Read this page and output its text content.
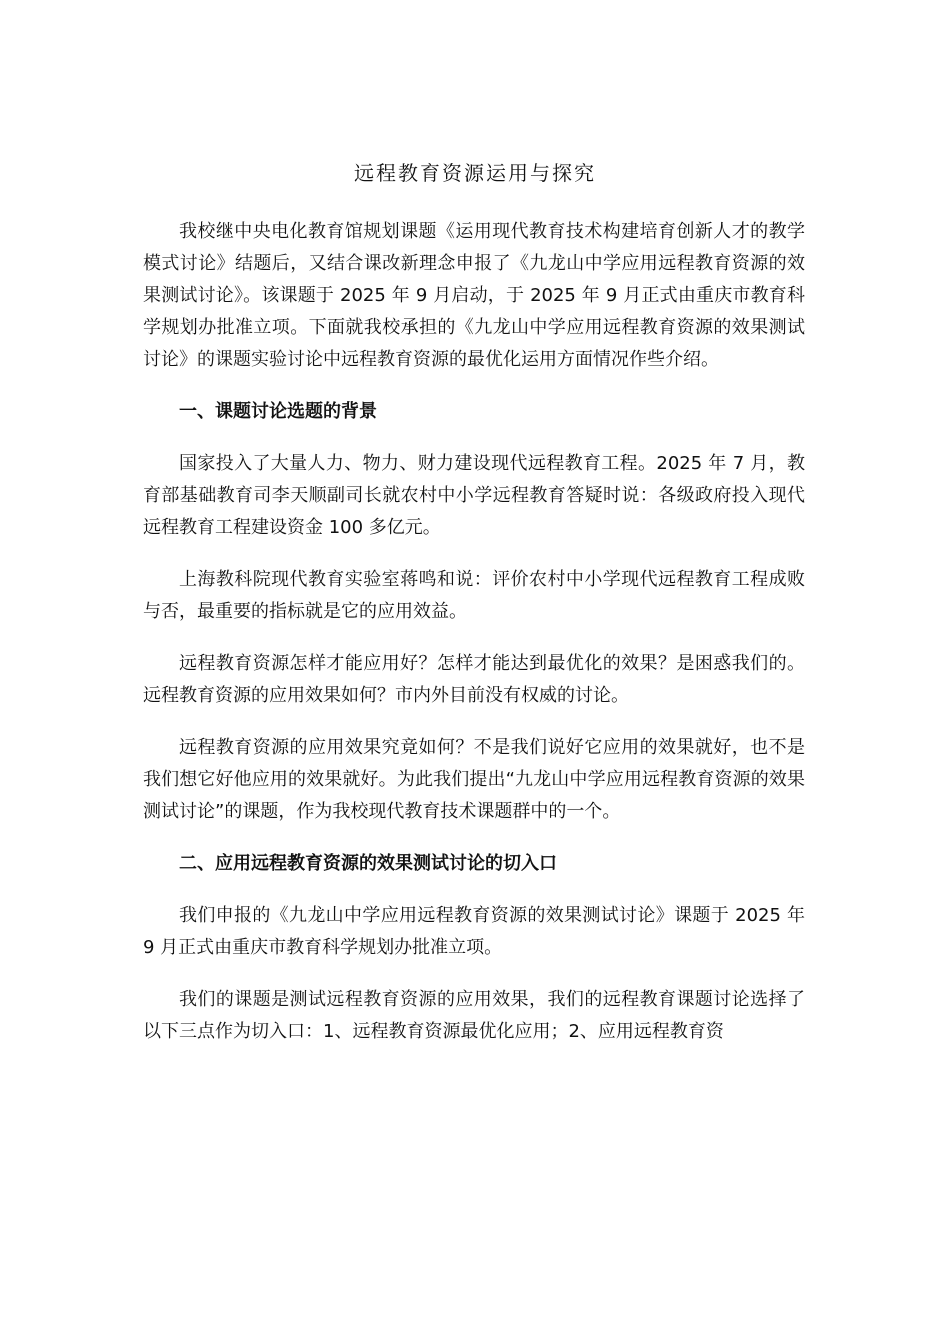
远程教育资源运用与探究

我校继中央电化教育馆规划课题《运用现代教育技术构建培育创新人才的教学模式讨论》结题后，又结合课改新理念申报了《九龙山中学应用远程教育资源的效果测试讨论》。该课题于 2025 年 9 月启动，于 2025 年 9 月正式由重庆市教育科学规划办批准立项。下面就我校承担的《九龙山中学应用远程教育资源的效果测试讨论》的课题实验讨论中远程教育资源的最优化运用方面情况作些介绍。

一、课题讨论选题的背景

国家投入了大量人力、物力、财力建设现代远程教育工程。2025 年 7 月，教育部基础教育司李天顺副司长就农村中小学远程教育答疑时说：各级政府投入现代远程教育工程建设资金 100 多亿元。

上海教科院现代教育实验室蒋鸣和说：评价农村中小学现代远程教育工程成败与否，最重要的指标就是它的应用效益。

远程教育资源怎样才能应用好？怎样才能达到最优化的效果？是困惑我们的。远程教育资源的应用效果如何？市内外目前没有权威的讨论。

远程教育资源的应用效果究竟如何？不是我们说好它应用的效果就好，也不是我们想它好他应用的效果就好。为此我们提出“九龙山中学应用远程教育资源的效果测试讨论”的课题，作为我校现代教育技术课题群中的一个。

二、应用远程教育资源的效果测试讨论的切入口

我们申报的《九龙山中学应用远程教育资源的效果测试讨论》课题于 2025 年 9 月正式由重庆市教育科学规划办批准立项。

我们的课题是测试远程教育资源的应用效果，我们的远程教育课题讨论选择了以下三点作为切入口：1、远程教育资源最优化应用；2、应用远程教育资
